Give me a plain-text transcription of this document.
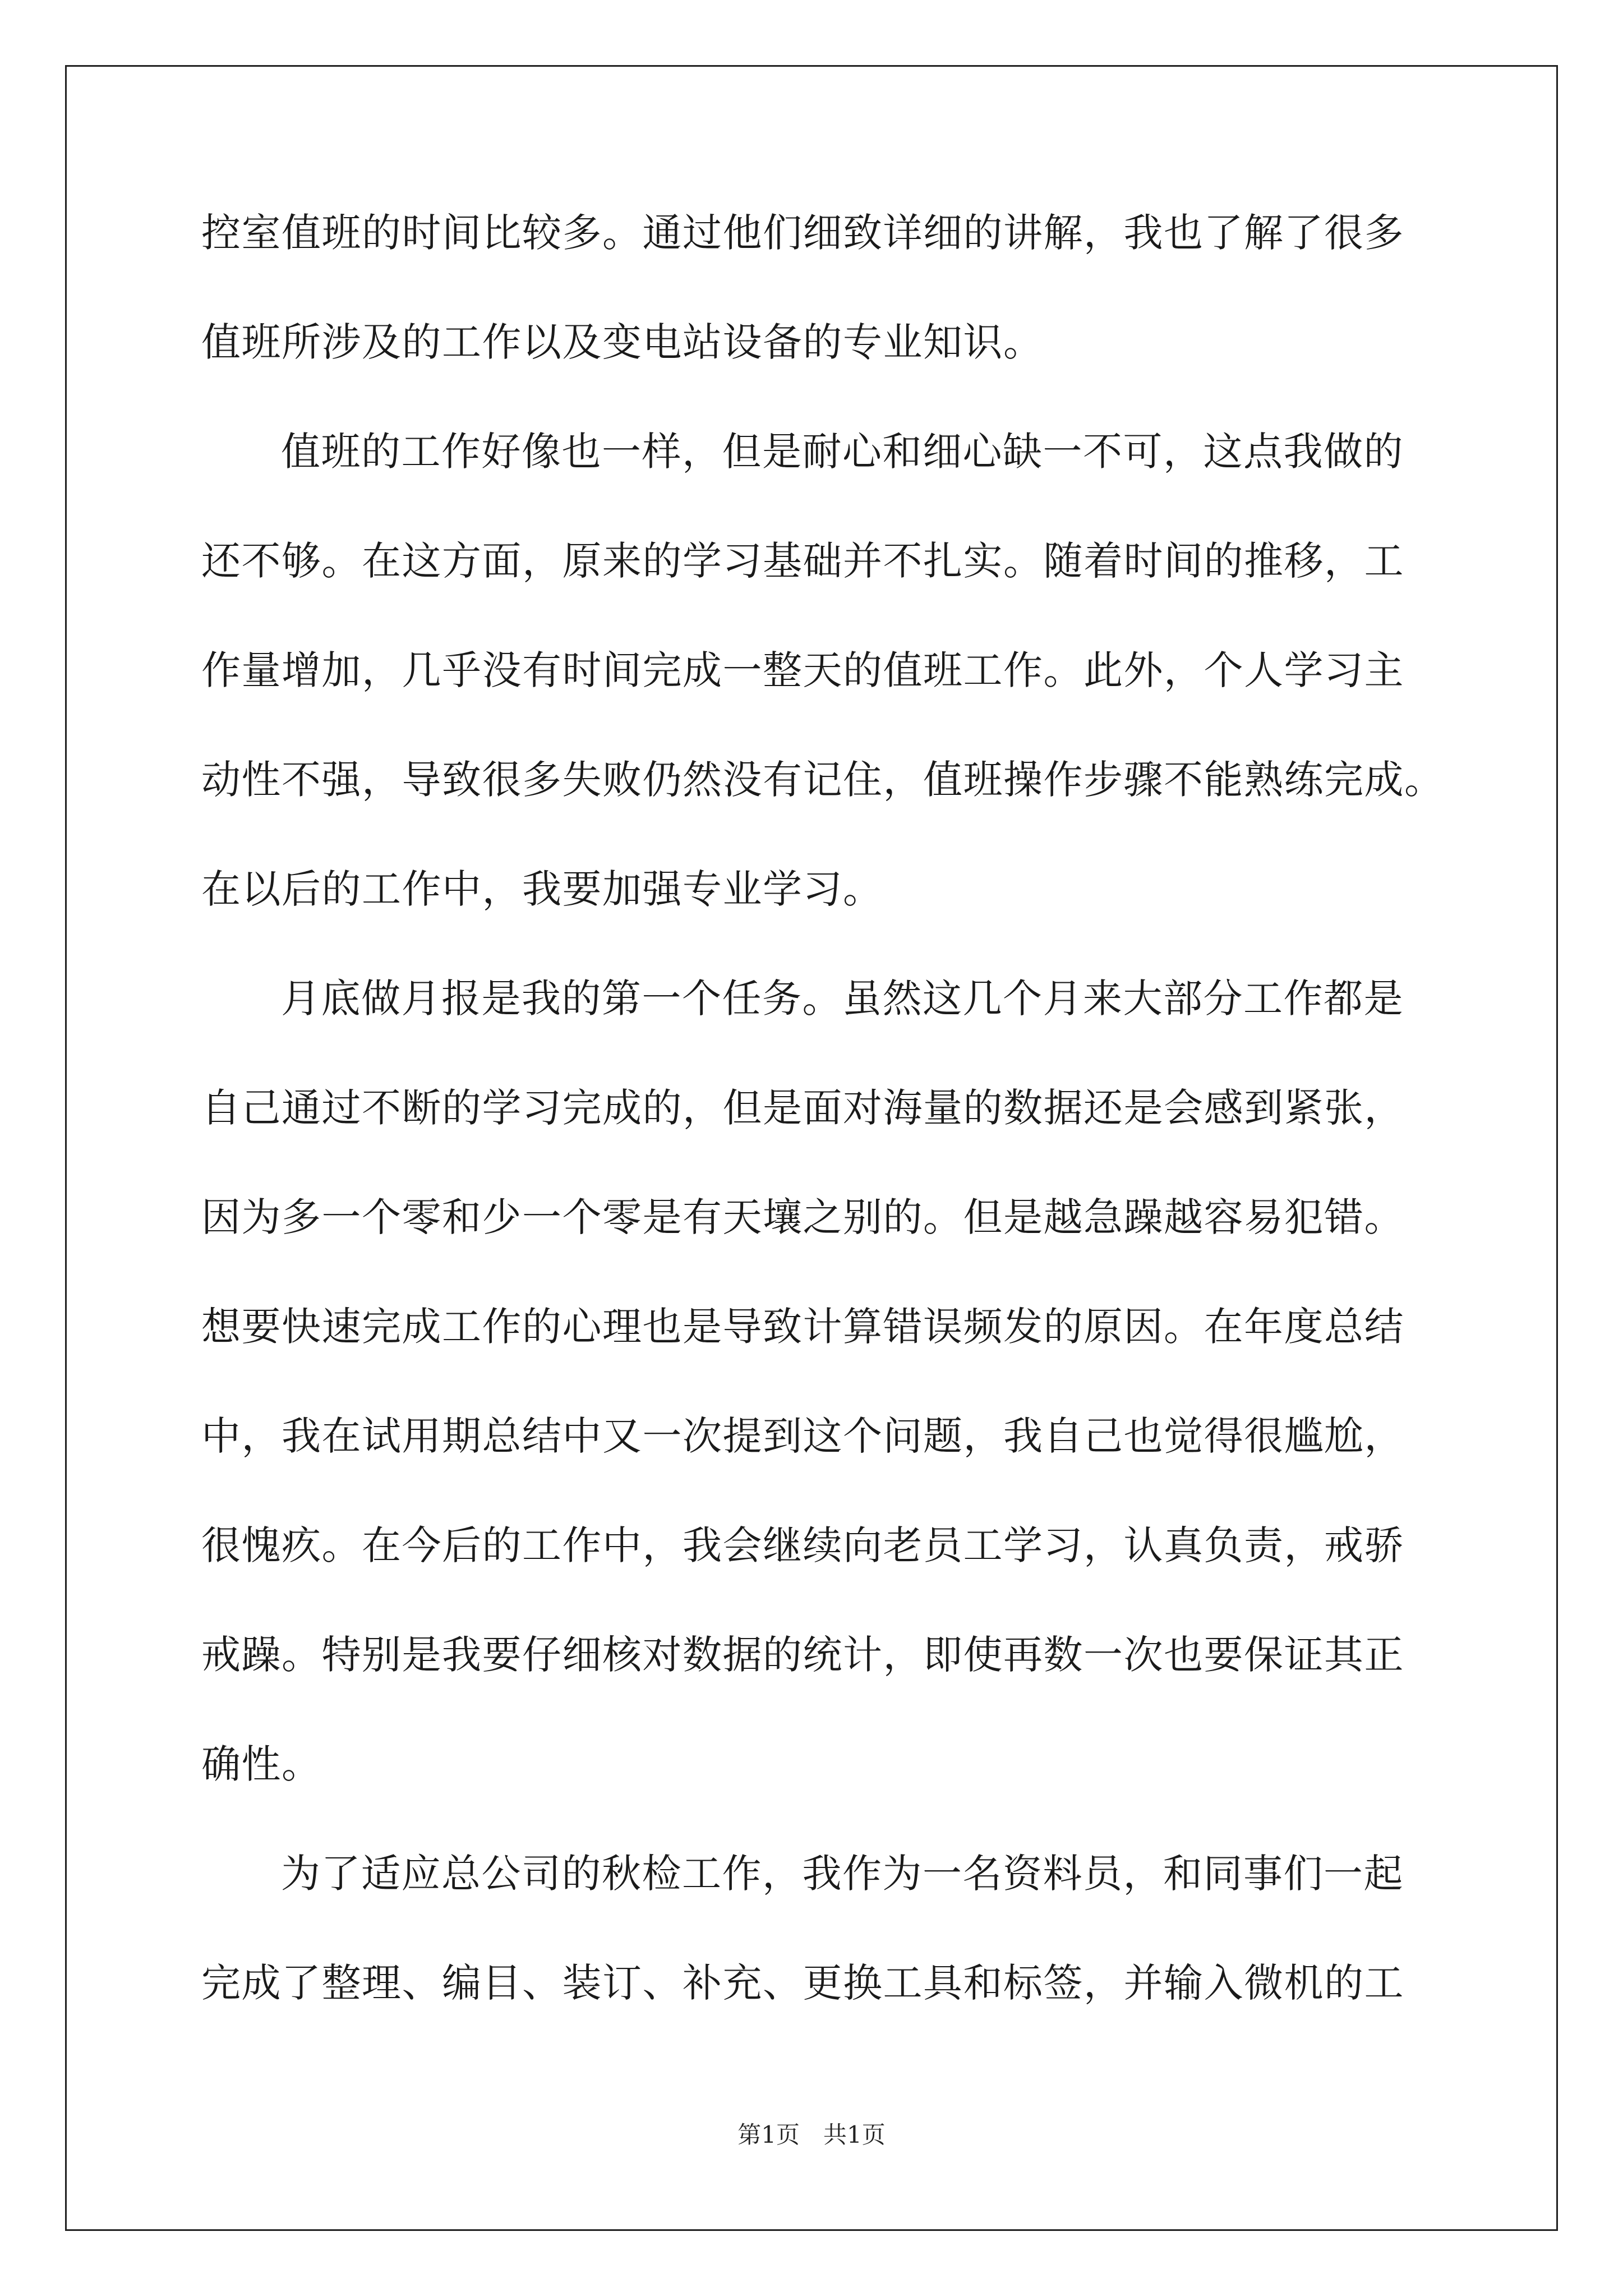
控室值班的时间比较多。通过他们细致详细的讲解，我也了解了很多
值班所涉及的工作以及变电站设备的专业知识。
值班的工作好像也一样，但是耐心和细心缺一不可，这点我做的
还不够。在这方面，原来的学习基础并不扎实。随着时间的推移，工
作量增加，几乎没有时间完成一整天的值班工作。此外，个人学习主
动性不强，导致很多失败仍然没有记住，值班操作步骤不能熟练完成。
在以后的工作中，我要加强专业学习。
月底做月报是我的第一个任务。虽然这几个月来大部分工作都是
自己通过不断的学习完成的，但是面对海量的数据还是会感到紧张，
因为多一个零和少一个零是有天壤之别的。但是越急躁越容易犯错。
想要快速完成工作的心理也是导致计算错误频发的原因。在年度总结
中，我在试用期总结中又一次提到这个问题，我自己也觉得很尴尬，
很愧疚。在今后的工作中，我会继续向老员工学习，认真负责，戒骄
戒躁。特别是我要仔细核对数据的统计，即使再数一次也要保证其正
确性。
为了适应总公司的秋检工作，我作为一名资料员，和同事们一起
完成了整理、编目、装订、补充、更换工具和标签，并输入微机的工
第1页　共1页
